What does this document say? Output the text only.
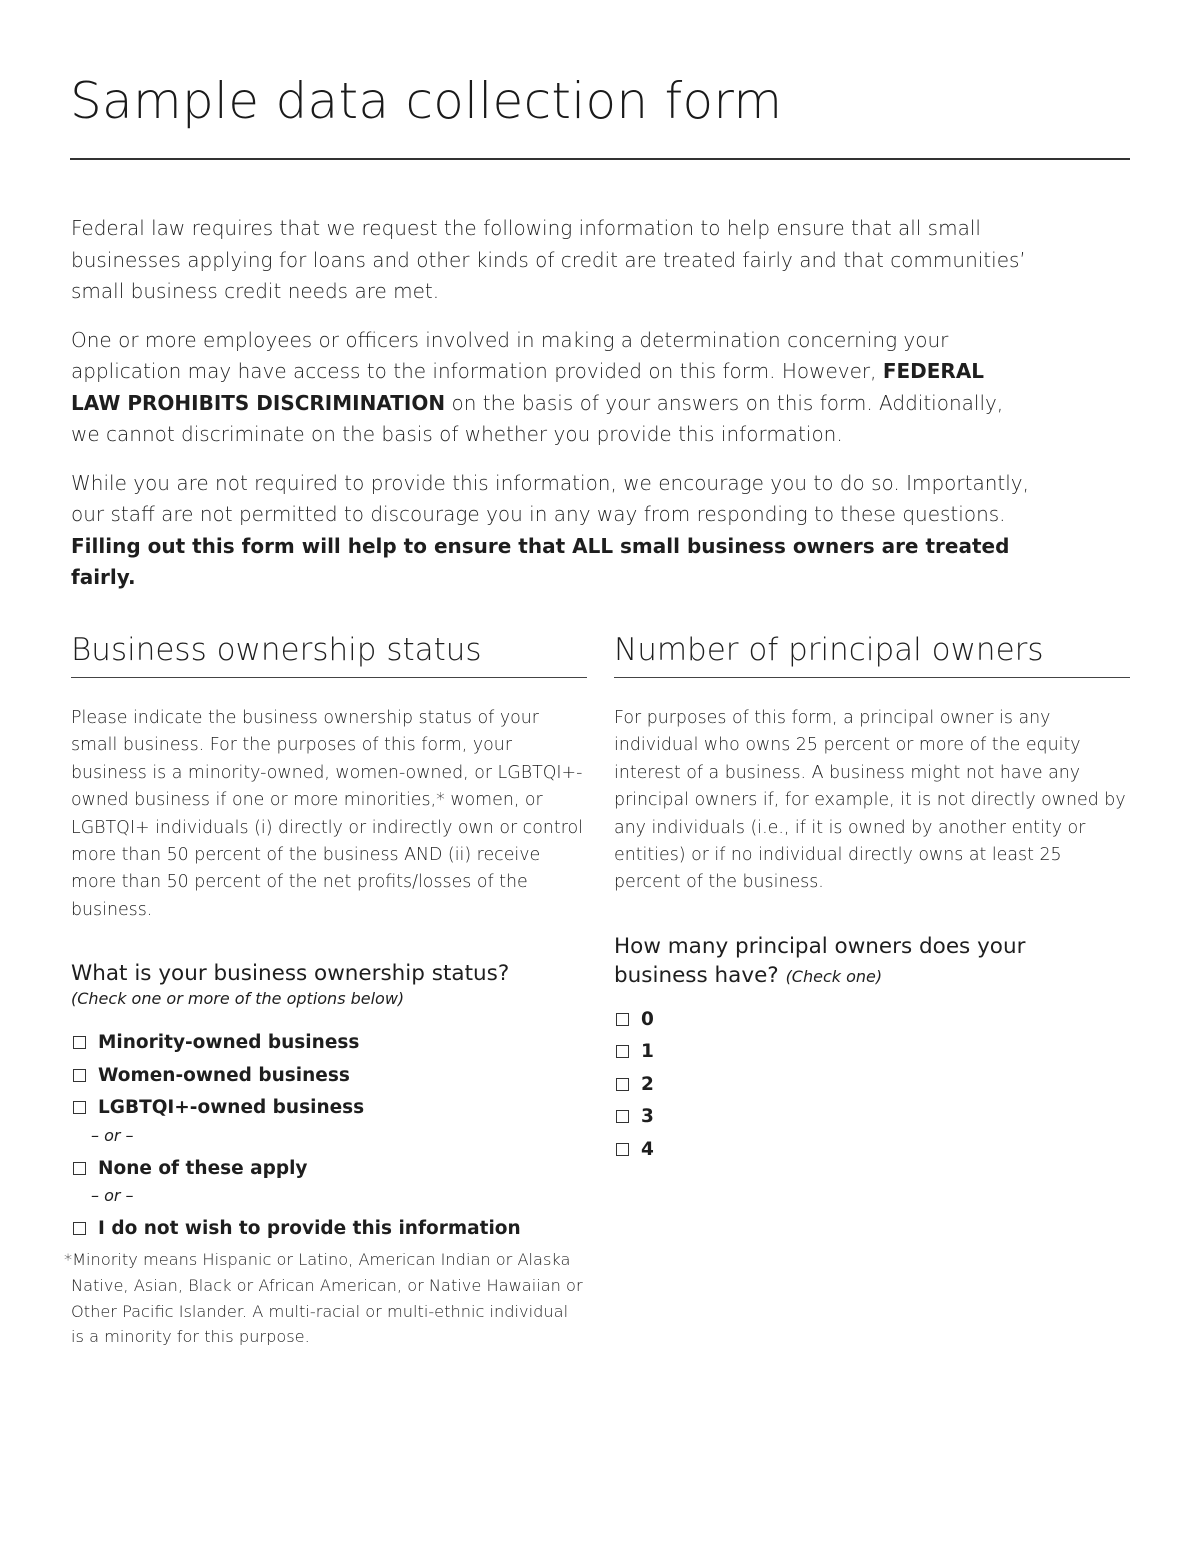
Sample data collection form

Federal law requires that we request the following information to help ensure that all small businesses applying for loans and other kinds of credit are treated fairly and that communities’ small business credit needs are met.

One or more employees or officers involved in making a determination concerning your application may have access to the information provided on this form. However, FEDERAL LAW PROHIBITS DISCRIMINATION on the basis of your answers on this form. Additionally, we cannot discriminate on the basis of whether you provide this information.

While you are not required to provide this information, we encourage you to do so. Importantly, our staff are not permitted to discourage you in any way from responding to these questions. Filling out this form will help to ensure that ALL small business owners are treated fairly.

Business ownership status

Please indicate the business ownership status of your small business. For the purposes of this form, your business is a minority-owned, women-owned, or LGBTQI+-owned business if one or more minorities,* women, or LGBTQI+ individuals (i) directly or indirectly own or control more than 50 percent of the business AND (ii) receive more than 50 percent of the net profits/losses of the business.

What is your business ownership status?
(Check one or more of the options below)
Minority-owned business
Women-owned business
LGBTQI+-owned business
– or –
None of these apply
– or –
I do not wish to provide this information
Number of principal owners

For purposes of this form, a principal owner is any individual who owns 25 percent or more of the equity interest of a business. A business might not have any principal owners if, for example, it is not directly owned by any individuals (i.e., if it is owned by another entity or entities) or if no individual directly owns at least 25 percent of the business.

How many principal owners does your
business have? (Check one)
0
1
2
3
4
*Minority means Hispanic or Latino, American Indian or Alaska
Native, Asian, Black or African American, or Native Hawaiian or
Other Pacific Islander. A multi-racial or multi-ethnic individual
is a minority for this purpose.
